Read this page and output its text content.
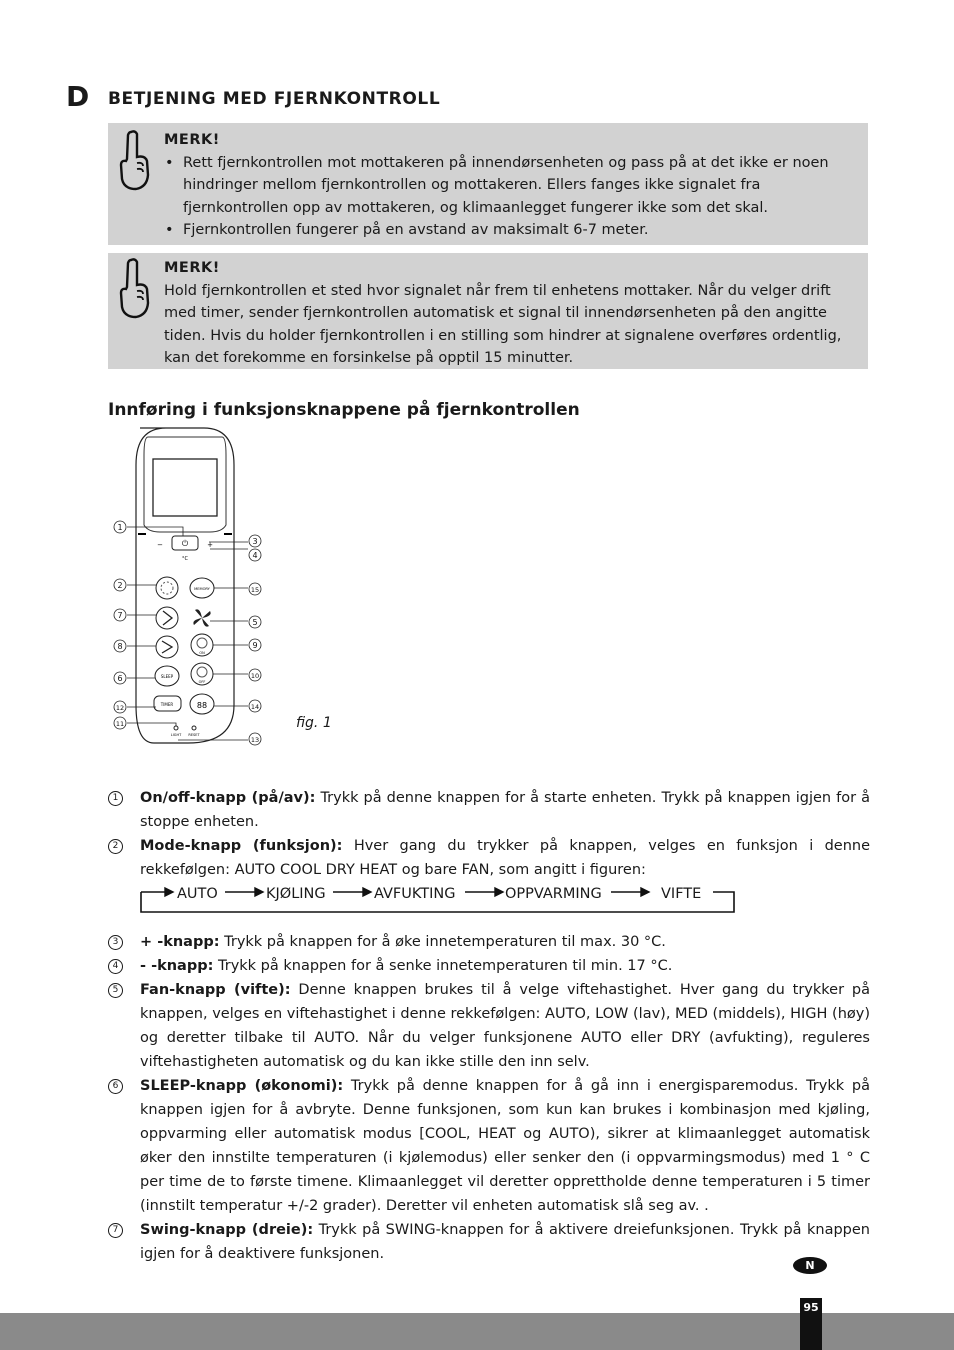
D BETJENING MED FJERNKONTROLL
MERK!
• Rett fjernkontrollen mot mottakeren på innendørsenheten og pass på at det ikke er noen hindringer mellom fjernkontrollen og mottakeren. Ellers fanges ikke signalet fra fjernkontrollen opp av mottakeren, og klimaanlegget fungerer ikke som det skal.
• Fjernkontrollen fungerer på en avstand av maksimalt 6-7 meter.
MERK!
Hold fjernkontrollen et sted hvor signalet når frem til enhetens mottaker. Når du velger drift med timer, sender fjernkontrollen automatisk et signal til innendørsenheten på den angitte tiden. Hvis du holder fjernkontrollen i en stilling som hindrer at signalene overføres ordentlig, kan det forekomme en forsinkelse på opptil 15 minutter.
Innføring i funksjonsknappene på fjernkontrollen
⏻
−	+
°C
SLEEP
TIMER
MEMORY
ON
OFF
88
LIGHT RESET
1
2
7
8
6
12
11
3
4
15
5
9
10
14
13
fig. 1
1	On/off-knapp (på/av): Trykk på denne knappen for å starte enheten. Trykk på knappen igjen for å stoppe enheten.
2	Mode-knapp (funksjon): Hver gang du trykker på knappen, velges en funksjon i denne rekkefølgen: AUTO COOL DRY HEAT og bare FAN, som angitt i figuren:
AUTO	KJØLING	AVFUKTING	OPPVARMING	VIFTE
3	+ -knapp: Trykk på knappen for å øke innetemperaturen til max. 30 °C.
4	- -knapp: Trykk på knappen for å senke innetemperaturen til min. 17 °C.
5	Fan-knapp (vifte): Denne knappen brukes til å velge viftehastighet. Hver gang du trykker på knappen, velges en viftehastighet i denne rekkefølgen: AUTO, LOW (lav), MED (middels), HIGH (høy) og deretter tilbake til AUTO. Når du velger funksjonene AUTO eller DRY (avfukting), reguleres viftehastigheten automatisk og du kan ikke stille den inn selv.
6	SLEEP-knapp (økonomi): Trykk på denne knappen for å gå inn i energisparemodus. Trykk på knappen igjen for å avbryte. Denne funksjonen, som kun kan brukes i kombinasjon med kjøling, oppvarming eller automatisk modus [COOL, HEAT og AUTO), sikrer at klimaanlegget automatisk øker den innstilte temperaturen (i kjølemodus) eller senker den (i oppvarmingsmodus) med 1 ° C per time de to første timene. Klimaanlegget vil deretter opprettholde denne temperaturen i 5 timer (innstilt temperatur +/-2 grader). Deretter vil enheten automatisk slå seg av. .
7	Swing-knapp (dreie): Trykk på SWING-knappen for å aktivere dreiefunksjonen. Trykk på knappen igjen for å deaktivere funksjonen.
N
95
